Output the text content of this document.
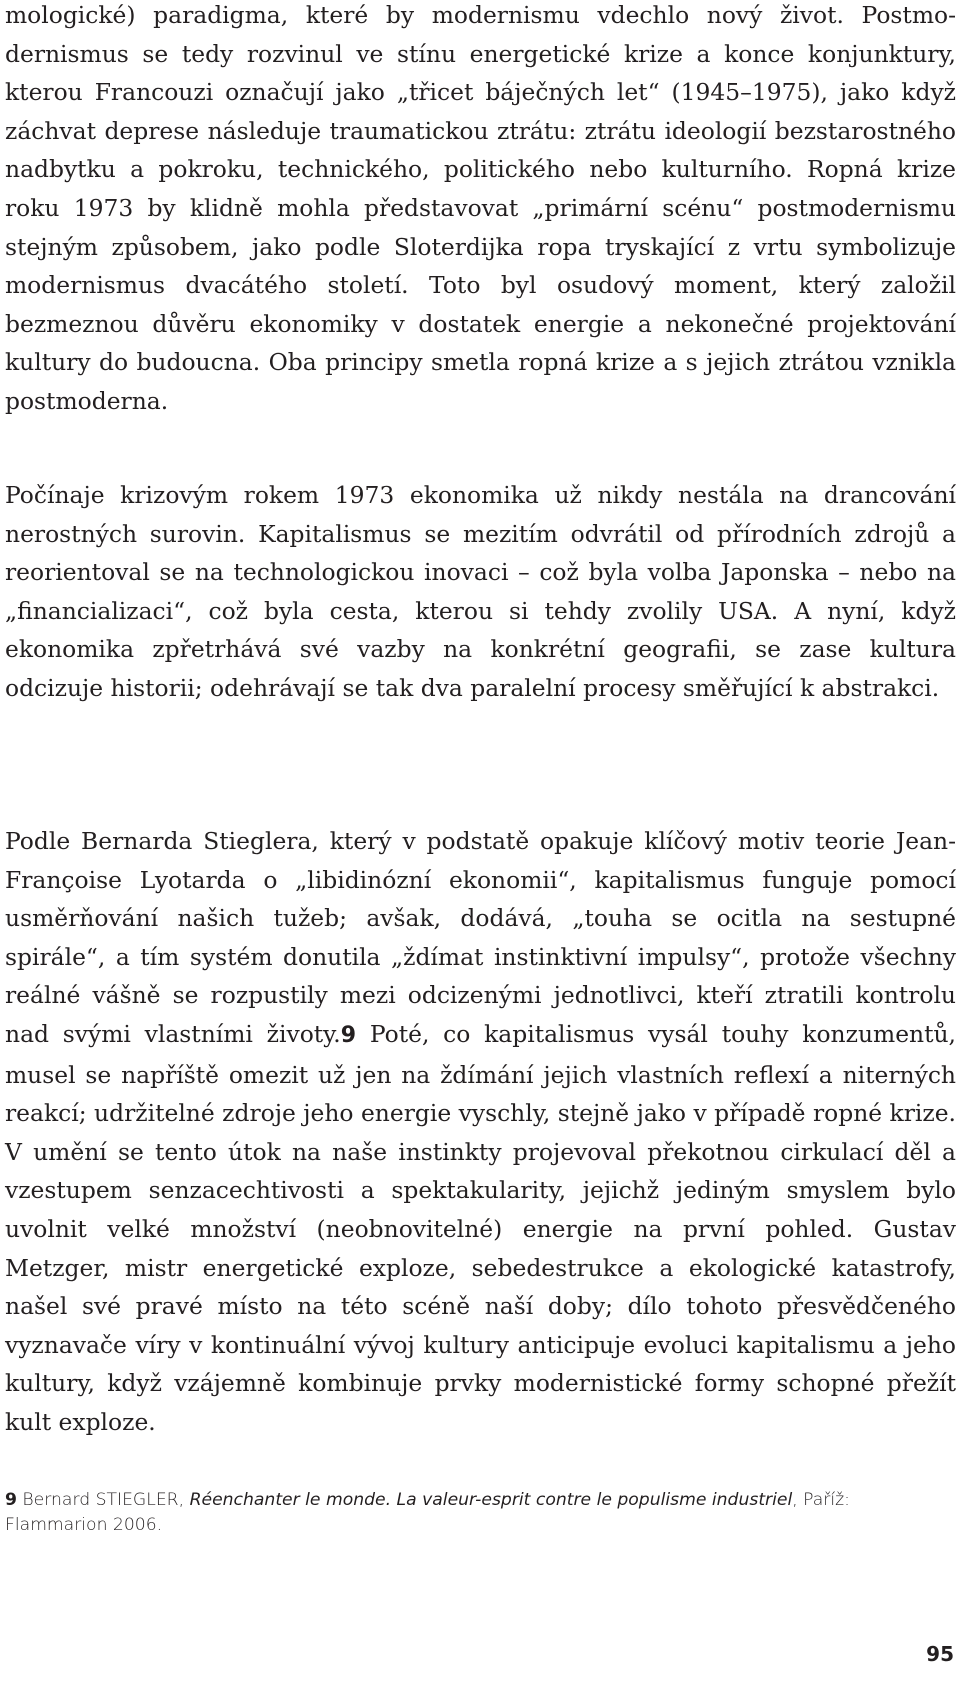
mologické) paradigma, které by modernismu vdechlo nový život. Postmodernismus se tedy rozvinul ve stínu energetické krize a konce konjunktury, kterou Francouzi označují jako „třicet báječných let“ (1945–1975), jako když záchvat deprese následuje traumatickou ztrátu: ztrátu ideologií bezstarostného nadbytku a pokroku, technického, politického nebo kulturního. Ropná krize roku 1973 by klidně mohla představovat „primární scénu“ postmodernismu stejným způsobem, jako podle Sloterdijka ropa tryskající z vrtu symbolizuje modernismus dvacátého století. Toto byl osudový moment, který založil bezmeznou důvěru ekonomiky v dostatek energie a nekonečné projektování kultury do budoucna. Oba principy smetla ropná krize a s jejich ztrátou vznikla postmoderna.

Počínaje krizovým rokem 1973 ekonomika už nikdy nestála na drancování nerostných surovin. Kapitalismus se mezitím odvrátil od přírodních zdrojů a reorientoval se na technologickou inovaci – což byla volba Japonska – nebo na „financializaci“, což byla cesta, kterou si tehdy zvolily USA. A nyní, když ekonomika zpřetrhává své vazby na konkrétní geografii, se zase kultura odcizuje historii; odehrávají se tak dva paralelní procesy směřující k abstrakci.

Podle Bernarda Stieglera, který v podstatě opakuje klíčový motiv teorie Jean-Françoise Lyotarda o „libidinózní ekonomii“, kapitalismus funguje pomocí usměrňování našich tužeb; avšak, dodává, „touha se ocitla na sestupné spirále“, a tím systém donutila „ždímat instinktivní impulsy“, protože všechny reálné vášně se rozpustily mezi odcizenými jednotlivci, kteří ztratili kontrolu nad svými vlastními životy.9 Poté, co kapitalismus vysál touhy konzumentů, musel se napříště omezit už jen na ždímání jejich vlastních reflexí a niterných reakcí; udržitelné zdroje jeho energie vyschly, stejně jako v případě ropné krize. V umění se tento útok na naše instinkty projevoval překotnou cirkulací děl a vzestupem senzacechtivosti a spektakularity, jejichž jediným smyslem bylo uvolnit velké množství (neobnovitelné) energie na první pohled. Gustav Metzger, mistr energetické exploze, sebedestrukce a ekologické katastrofy, našel své pravé místo na této scéně naší doby; dílo tohoto přesvědčeného vyznavače víry v kontinuální vývoj kultury anticipuje evoluci kapitalismu a jeho kultury, když vzájemně kombinuje prvky modernistické formy schopné přežít kult exploze.

9 Bernard STIEGLER, Réenchanter le monde. La valeur-esprit contre le populisme industriel, Paříž: Flammarion 2006.
95
